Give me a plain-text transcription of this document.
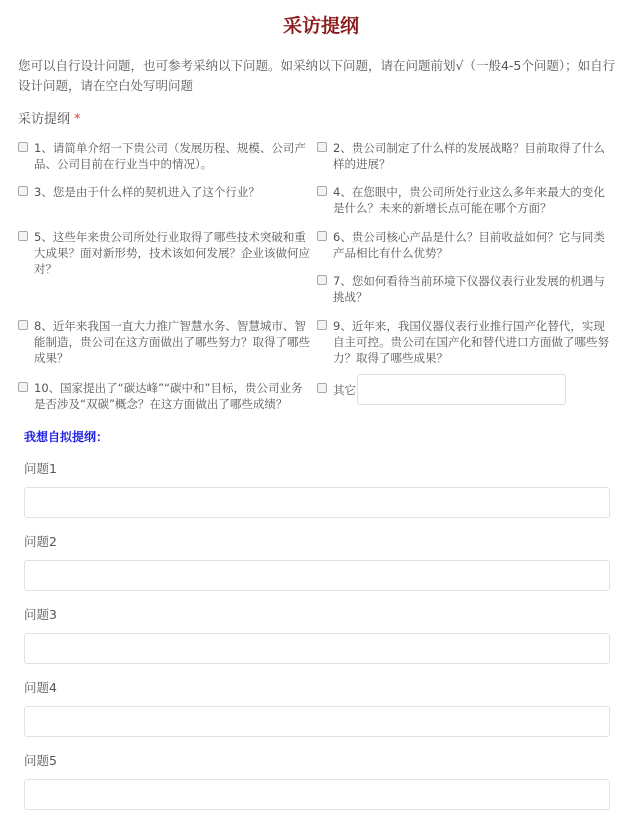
采访提纲
您可以自行设计问题，也可参考采纳以下问题。如采纳以下问题，请在问题前划√（一般4-5个问题）；如自行设计问题，请在空白处写明问题
采访提纲 *
1、请简单介绍一下贵公司（发展历程、规模、公司产品、公司目前在行业当中的情况）。
2、贵公司制定了什么样的发展战略？目前取得了什么样的进展？
3、您是由于什么样的契机进入了这个行业？	4、在您眼中，贵公司所处行业这么多年来最大的变化是什么？未来的新增长点可能在哪个方面？
5、这些年来贵公司所处行业取得了哪些技术突破和重大成果？面对新形势，技术该如何发展？企业该做何应对？
6、贵公司核心产品是什么？目前收益如何？它与同类产品相比有什么优势？
7、您如何看待当前环境下仪器仪表行业发展的机遇与挑战？
8、近年来我国一直大力推广智慧水务、智慧城市、智能制造，贵公司在这方面做出了哪些努力？取得了哪些成果？
9、近年来，我国仪器仪表行业推行国产化替代，实现自主可控。贵公司在国产化和替代进口方面做了哪些努力？取得了哪些成果？
10、国家提出了“碳达峰”“碳中和”目标，贵公司业务是否涉及“双碳”概念？在这方面做出了哪些成绩？
其它
我想自拟提纲：
问题1
问题2
问题3
问题4
问题5
